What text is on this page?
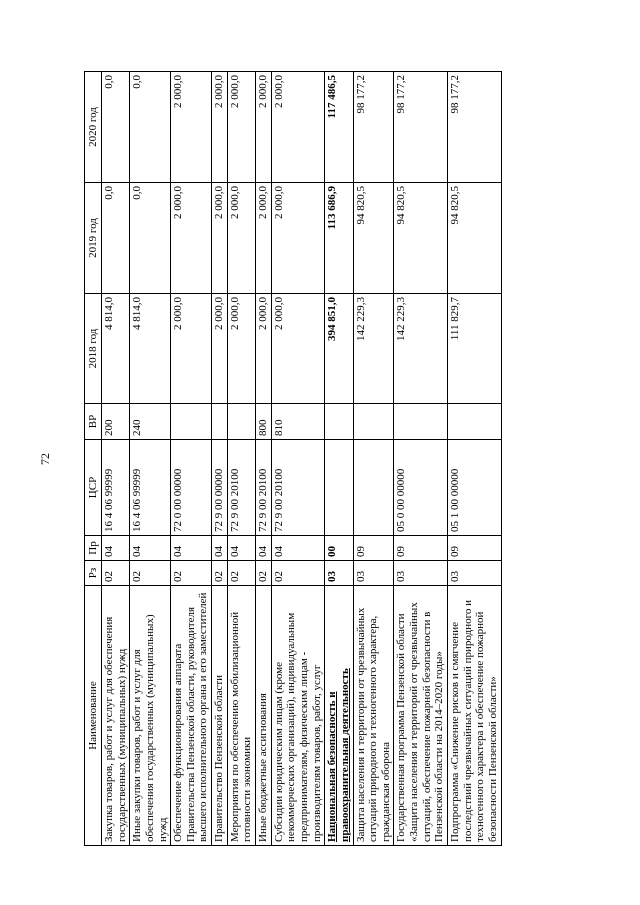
72
Наименование	Рз	Пр	ЦСР	ВР	2018 год	2019 год	2020 год
Закупка товаров, работ и услуг для обеспечения государственных (муниципальных) нужд	02	04	16 4 06 99999	200	4 814,0	0,0	0,0
Иные закупки товаров, работ и услуг для обеспечения государственных (муниципальных) нужд	02	04	16 4 06 99999	240	4 814,0	0,0	0,0
Обеспечение функционирования аппарата Правительства Пензенской области, руководителя высшего исполнительного органа и его заместителей	02	04	72 0 00 00000		2 000,0	2 000,0	2 000,0
Правительство Пензенской области	02	04	72 9 00 00000		2 000,0	2 000,0	2 000,0
Мероприятия по обеспечению мобилизационной готовности экономики	02	04	72 9 00 20100		2 000,0	2 000,0	2 000,0
Иные бюджетные ассигнования	02	04	72 9 00 20100	800	2 000,0	2 000,0	2 000,0
Субсидии юридическим лицам (кроме некоммерческих организаций), индивидуальным предпринимателям, физическим лицам - производителям товаров, работ, услуг	02	04	72 9 00 20100	810	2 000,0	2 000,0	2 000,0
Национальная безопасность и правоохранительная деятельность	03	00			394 851,0	113 686,9	117 486,5
Защита населения и территории от чрезвычайных ситуаций природного и техногенного характера, гражданская оборона	03	09			142 229,3	94 820,5	98 177,2
Государственная программа Пензенской области «Защита населения и территорий от чрезвычайных ситуаций, обеспечение пожарной безопасности в Пензенской области на 2014–2020 годы»	03	09	05 0 00 00000		142 229,3	94 820,5	98 177,2
Подпрограмма «Снижение рисков и смягчение последствий чрезвычайных ситуаций природного и техногенного характера и обеспечение пожарной безопасности Пензенской области»	03	09	05 1 00 00000		111 829,7	94 820,5	98 177,2
